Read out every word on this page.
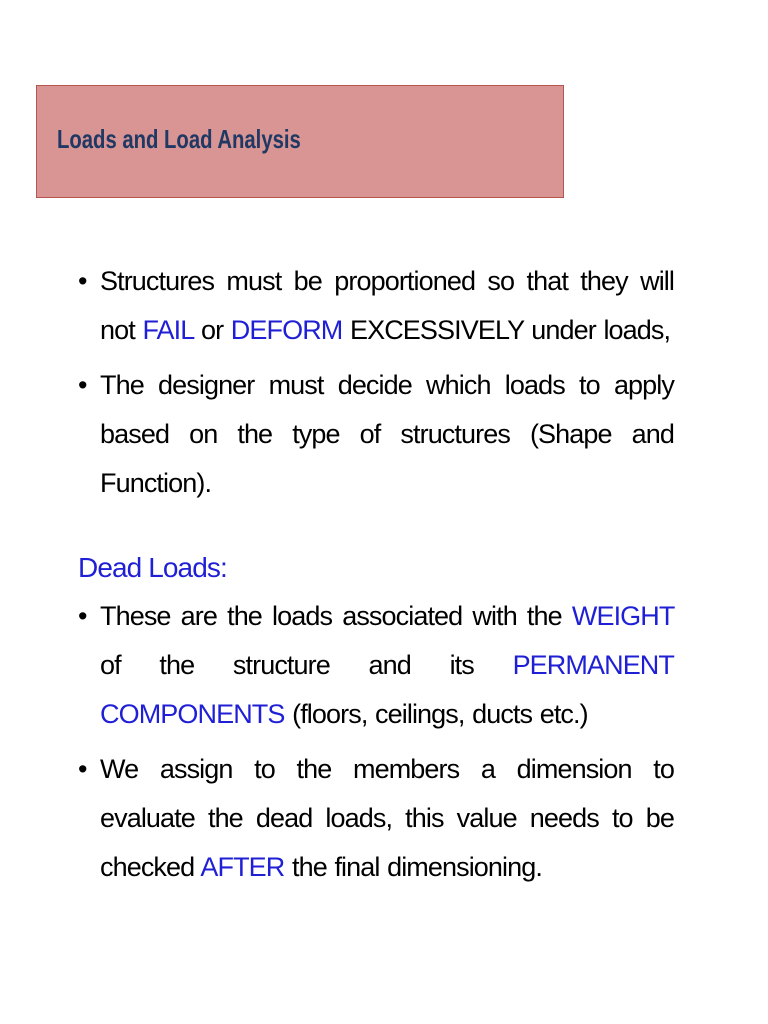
Loads and Load Analysis
• Structures must be proportioned so that they will not FAIL or DEFORM EXCESSIVELY under loads,
• The designer must decide which loads to apply based on the type of structures (Shape and Function).
Dead Loads:
• These are the loads associated with the WEIGHT of the structure and its PERMANENT COMPONENTS (floors, ceilings, ducts etc.)
• We assign to the members a dimension to evaluate the dead loads, this value needs to be checked AFTER the final dimensioning.
